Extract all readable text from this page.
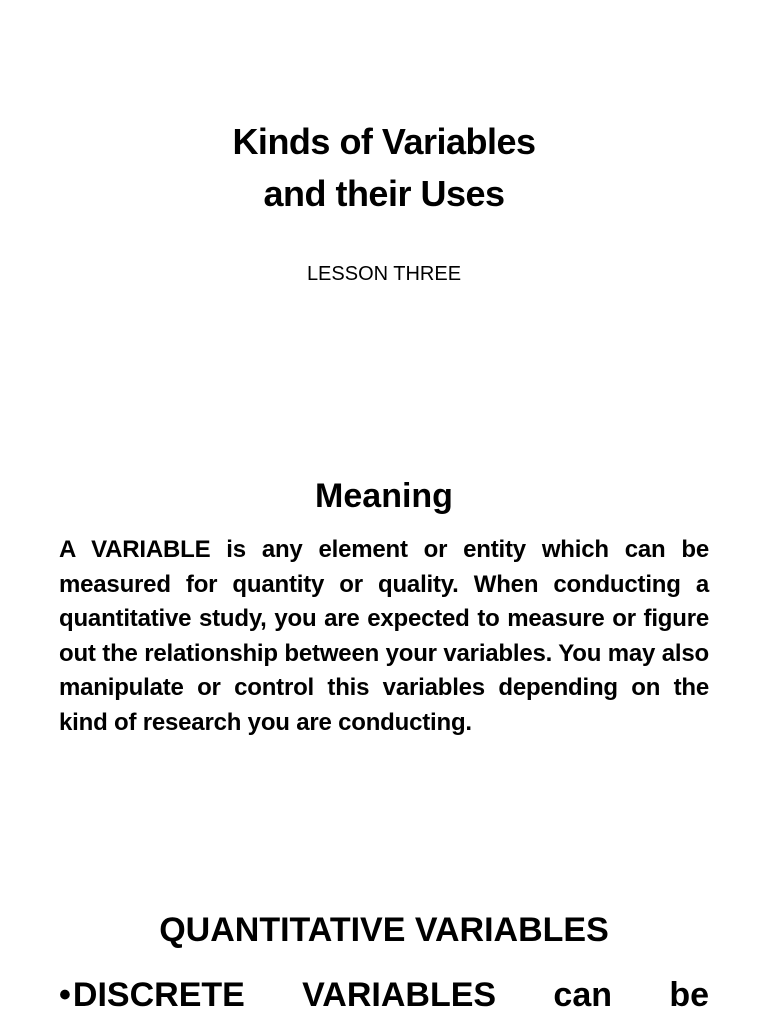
Kinds of Variables
and their Uses
LESSON THREE
Meaning
A VARIABLE is any element or entity which can be measured for quantity or quality. When conducting a quantitative study, you are expected to measure or figure out the relationship between your variables. You may also manipulate or control this variables depending on the kind of research you are conducting.
QUANTITATIVE VARIABLES
•DISCRETE VARIABLES can be
